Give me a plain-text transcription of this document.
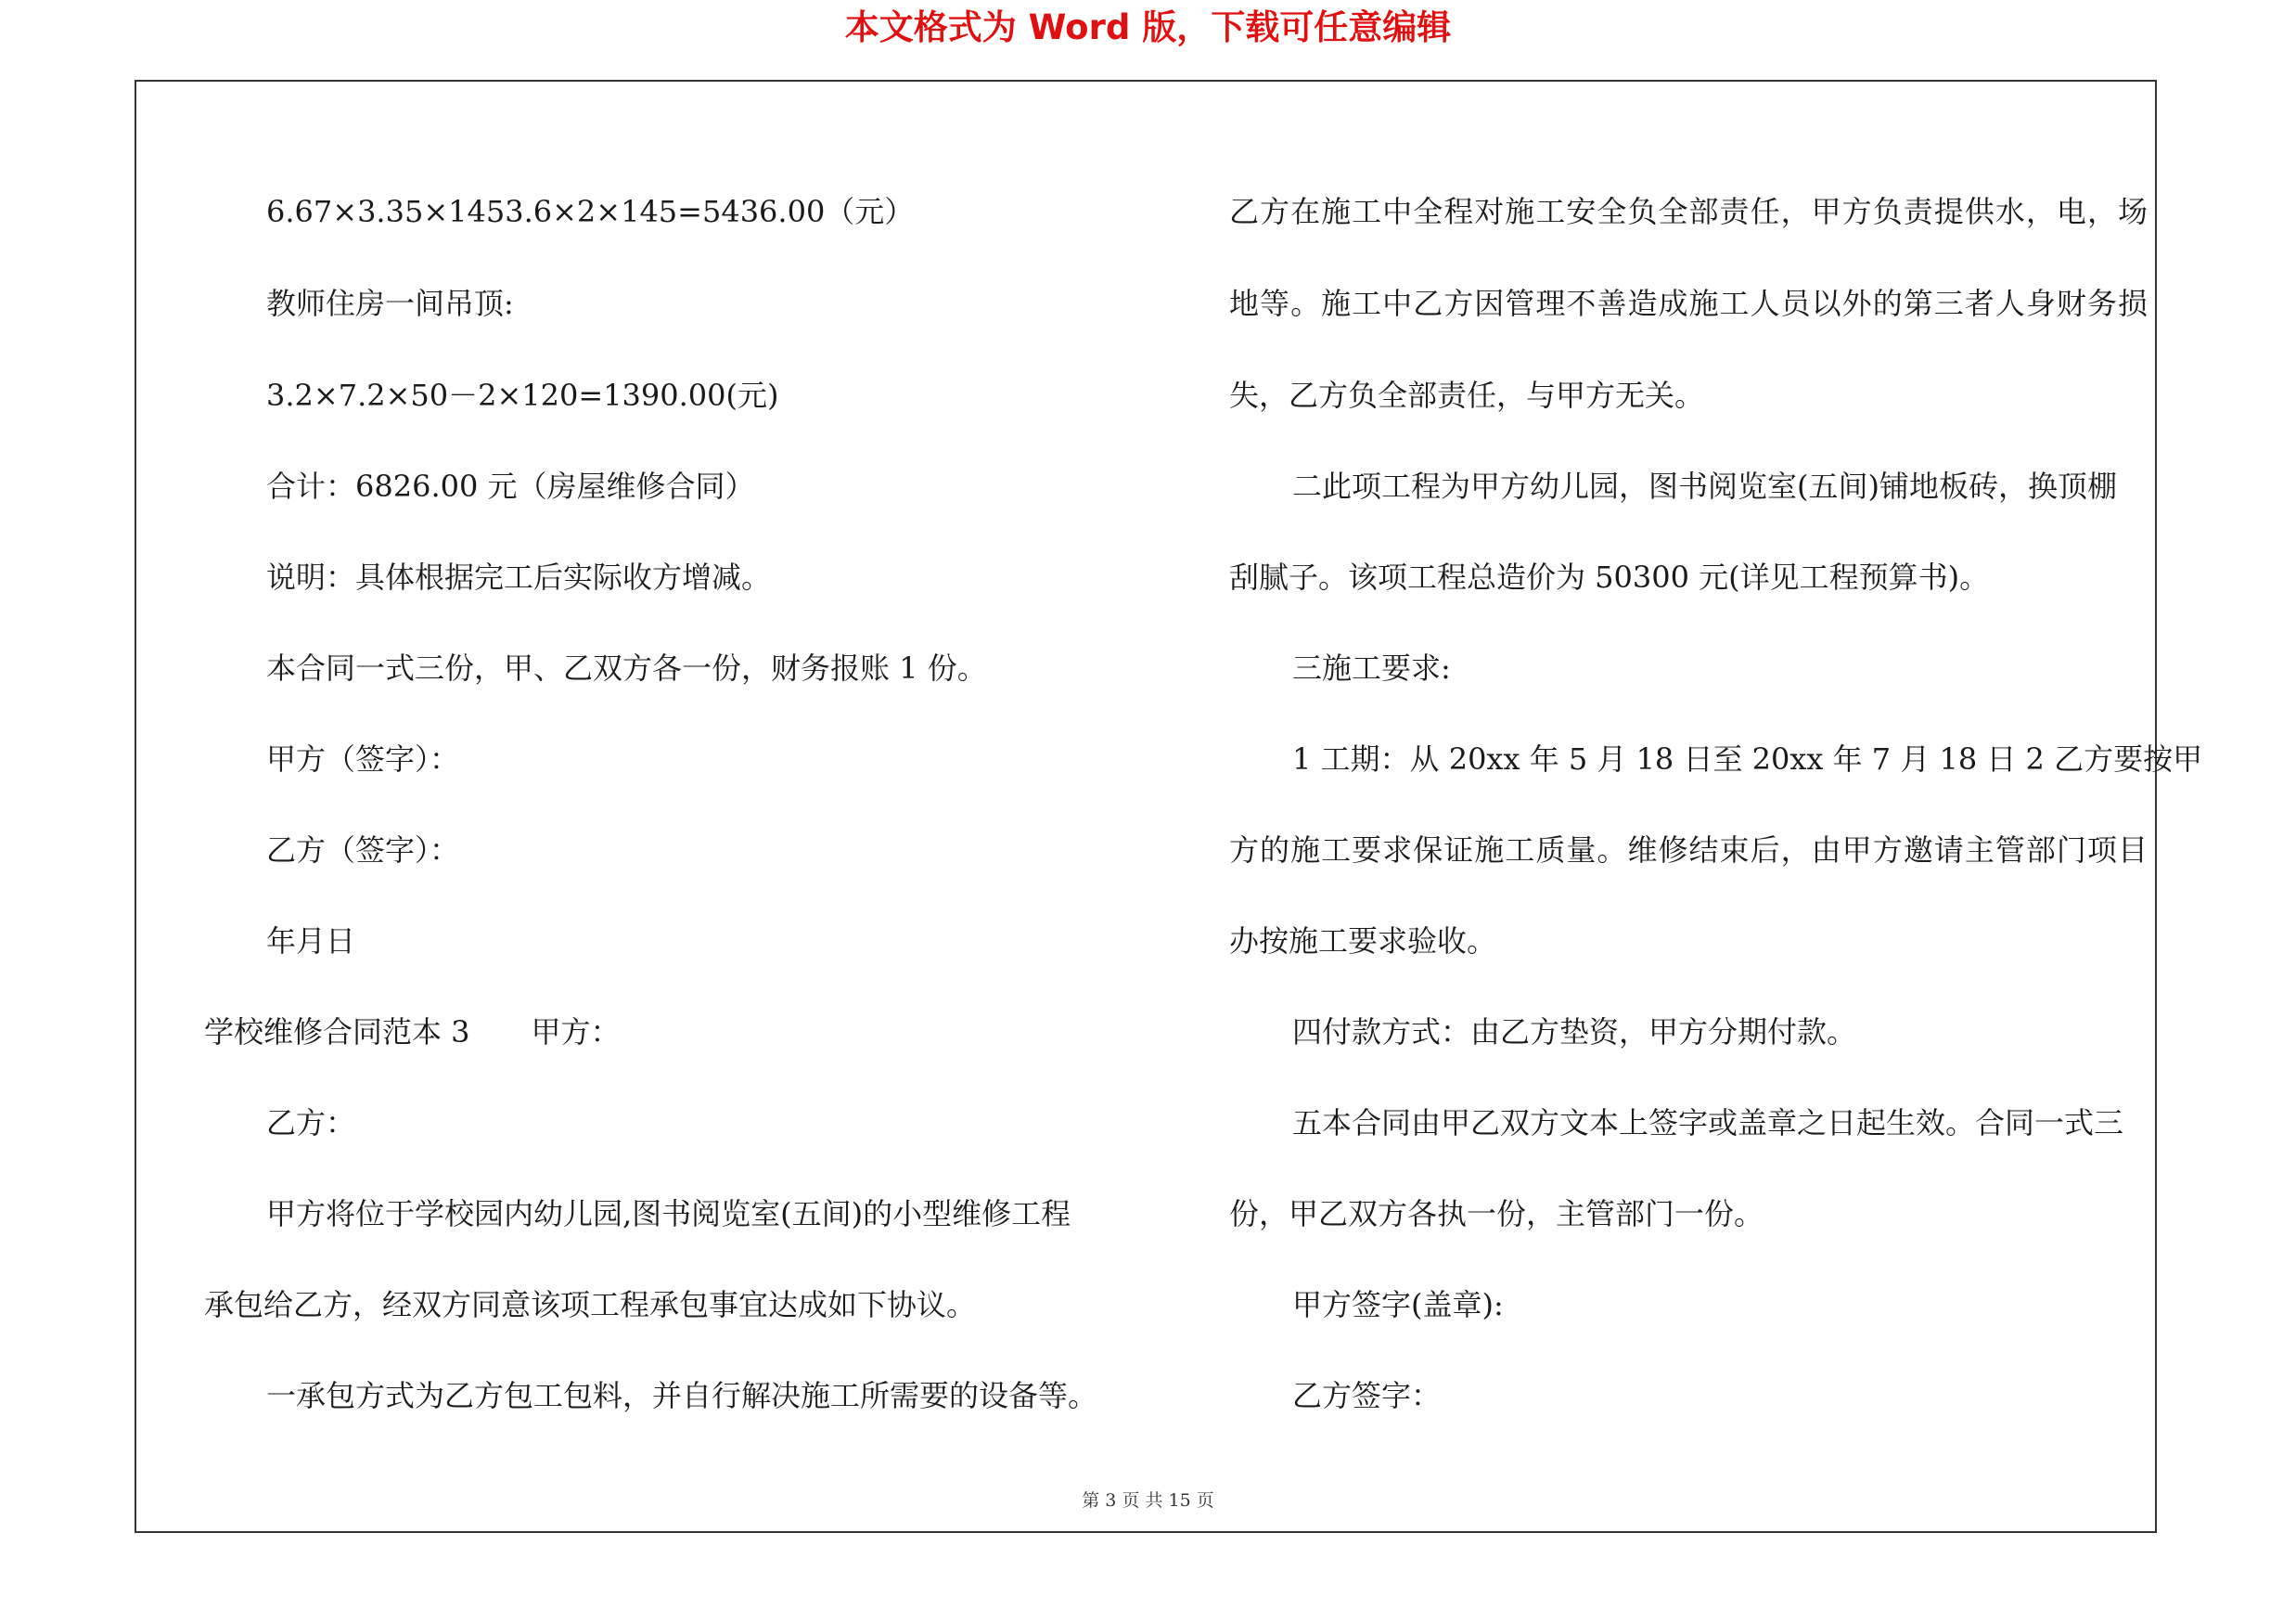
本文格式为 Word 版，下载可任意编辑
6.67×3.35×1453.6×2×145=5436.00（元）
教师住房一间吊顶:
3.2×7.2×50－2×120=1390.00(元)
合计：6826.00 元（房屋维修合同）
说明：具体根据完工后实际收方增减。
本合同一式三份，甲、乙双方各一份，财务报账 1 份。
甲方（签字）：
乙方（签字）：
年月日
学校维修合同范本 3 甲方：
乙方：
甲方将位于学校园内幼儿园,图书阅览室(五间)的小型维修工程
承包给乙方，经双方同意该项工程承包事宜达成如下协议。
一承包方式为乙方包工包料，并自行解决施工所需要的设备等。
乙方在施工中全程对施工安全负全部责任，甲方负责提供水，电，场
地等。施工中乙方因管理不善造成施工人员以外的第三者人身财务损
失，乙方负全部责任，与甲方无关。
二此项工程为甲方幼儿园，图书阅览室(五间)铺地板砖，换顶棚
刮腻子。该项工程总造价为 50300 元(详见工程预算书)。
三施工要求:
1 工期：从 20xx 年 5 月 18 日至 20xx 年 7 月 18 日 2 乙方要按甲
方的施工要求保证施工质量。维修结束后，由甲方邀请主管部门项目
办按施工要求验收。
四付款方式：由乙方垫资，甲方分期付款。
五本合同由甲乙双方文本上签字或盖章之日起生效。合同一式三
份，甲乙双方各执一份，主管部门一份。
甲方签字(盖章):
乙方签字：
第 3 页 共 15 页
